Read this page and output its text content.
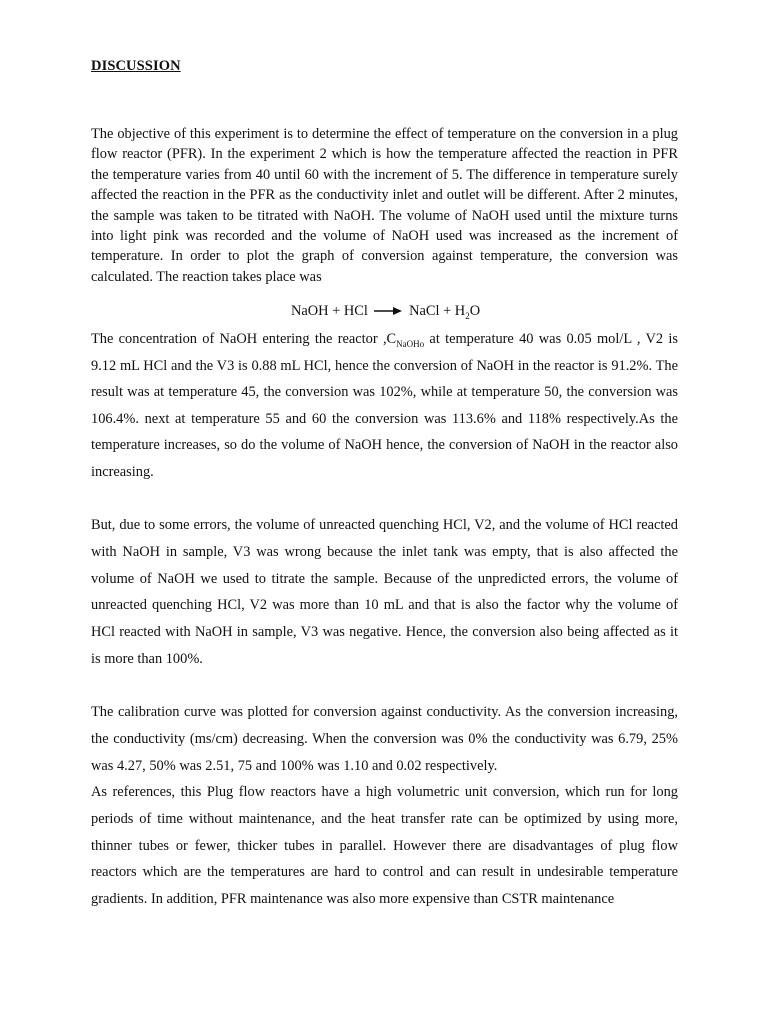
DISCUSSION

The objective of this experiment is to determine the effect of temperature on the conversion in a plug flow reactor (PFR). In the experiment 2 which is how the temperature affected the reaction in PFR the temperature varies from 40 until 60 with the increment of 5. The difference in temperature surely affected the reaction in the PFR as the conductivity inlet and outlet will be different. After 2 minutes, the sample was taken to be titrated with NaOH. The volume of NaOH used until the mixture turns into light pink was recorded and the volume of NaOH used was increased as the increment of temperature. In order to plot the graph of conversion against temperature, the conversion was calculated. The reaction takes place was

NaOH + HCl → NaCl + $H_2O$

The concentration of NaOH entering the reactor $,C_{NaOHo}$ at temperature 40 was 0.05 mol/L , V2 is 9.12 mL HCl and the V3 is 0.88 mL HCl, hence the conversion of NaOH in the reactor is 91.2%. The result was at temperature 45, the conversion was 102%, while at temperature 50, the conversion was 106.4%. next at temperature 55 and 60 the conversion was 113.6% and 118% respectively.As the temperature increases, so do the volume of NaOH hence, the conversion of NaOH in the reactor also increasing.

But, due to some errors, the volume of unreacted quenching HCl, V2, and the volume of HCl reacted with NaOH in sample, V3 was wrong because the inlet tank was empty, that is also affected the volume of NaOH we used to titrate the sample. Because of the unpredicted errors, the volume of unreacted quenching HCl, V2 was more than 10 mL and that is also the factor why the volume of HCl reacted with NaOH in sample, V3 was negative. Hence, the conversion also being affected as it is more than 100%.

The calibration curve was plotted for conversion against conductivity. As the conversion increasing, the conductivity (ms/cm) decreasing. When the conversion was 0% the conductivity was 6.79, 25% was 4.27, 50% was 2.51, 75 and 100% was 1.10 and 0.02 respectively.

As references, this Plug flow reactors have a high volumetric unit conversion, which run for long periods of time without maintenance, and the heat transfer rate can be optimized by using more, thinner tubes or fewer, thicker tubes in parallel. However there are disadvantages of plug flow reactors which are the temperatures are hard to control and can result in undesirable temperature gradients. In addition, PFR maintenance was also more expensive than CSTR maintenance
